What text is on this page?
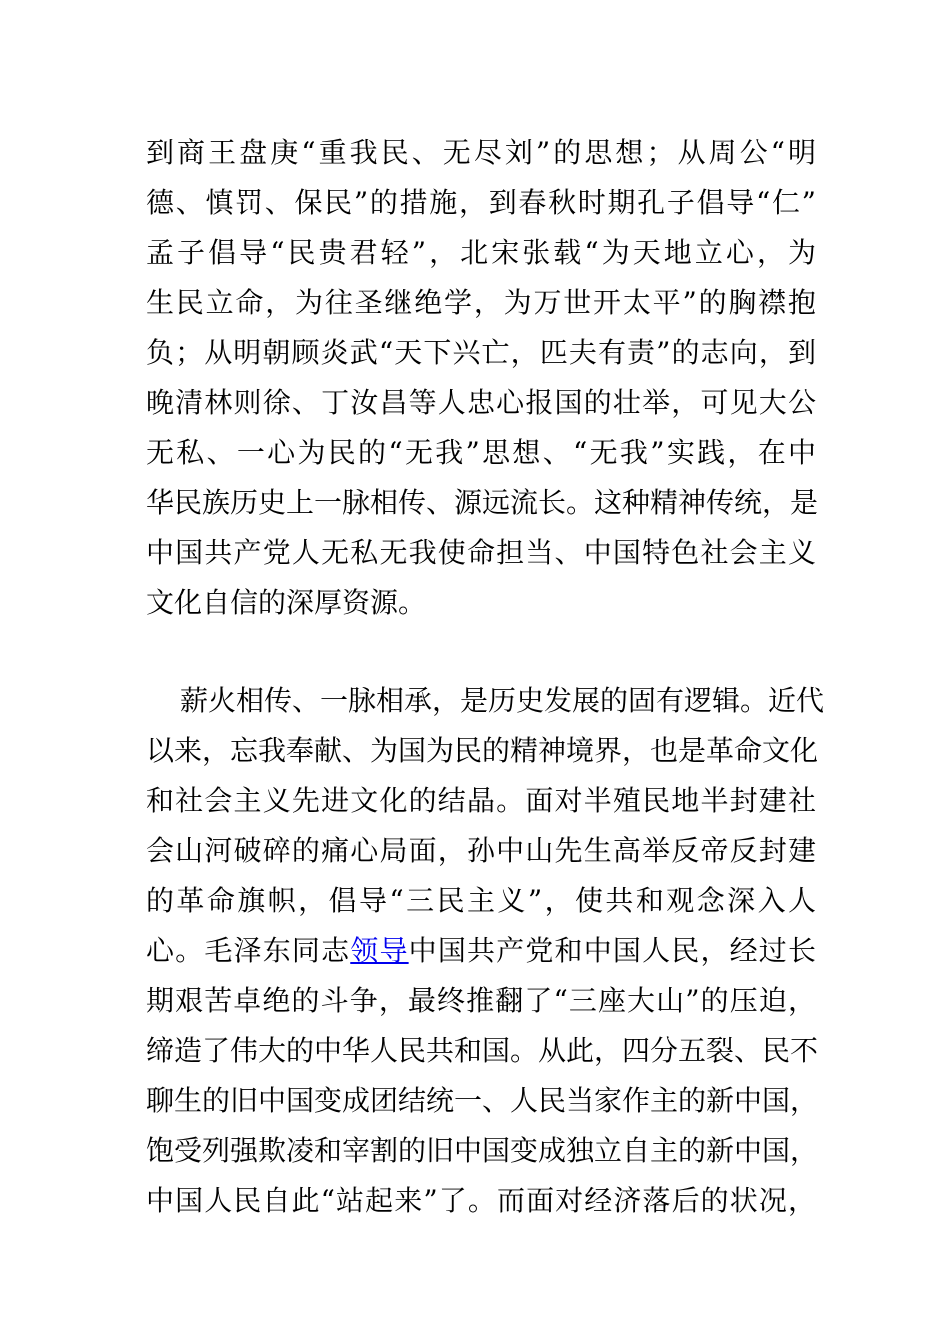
到商王盘庚“重我民、无尽刘”的思想；从周公“明
德、慎罚、保民”的措施，到春秋时期孔子倡导“仁”
孟子倡导“民贵君轻”，北宋张载“为天地立心，为
生民立命，为往圣继绝学，为万世开太平”的胸襟抱
负；从明朝顾炎武“天下兴亡，匹夫有责”的志向，到
晚清林则徐、丁汝昌等人忠心报国的壮举，可见大公
无私、一心为民的“无我”思想、“无我”实践，在中
华民族历史上一脉相传、源远流长。这种精神传统，是
中国共产党人无私无我使命担当、中国特色社会主义
文化自信的深厚资源。
薪火相传、一脉相承，是历史发展的固有逻辑。近代
以来，忘我奉献、为国为民的精神境界，也是革命文化
和社会主义先进文化的结晶。面对半殖民地半封建社
会山河破碎的痛心局面，孙中山先生高举反帝反封建
的革命旗帜，倡导“三民主义”，使共和观念深入人
心。毛泽东同志领导中国共产党和中国人民，经过长
期艰苦卓绝的斗争，最终推翻了“三座大山”的压迫，
缔造了伟大的中华人民共和国。从此，四分五裂、民不
聊生的旧中国变成团结统一、人民当家作主的新中国，
饱受列强欺凌和宰割的旧中国变成独立自主的新中国，
中国人民自此“站起来”了。而面对经济落后的状况，
